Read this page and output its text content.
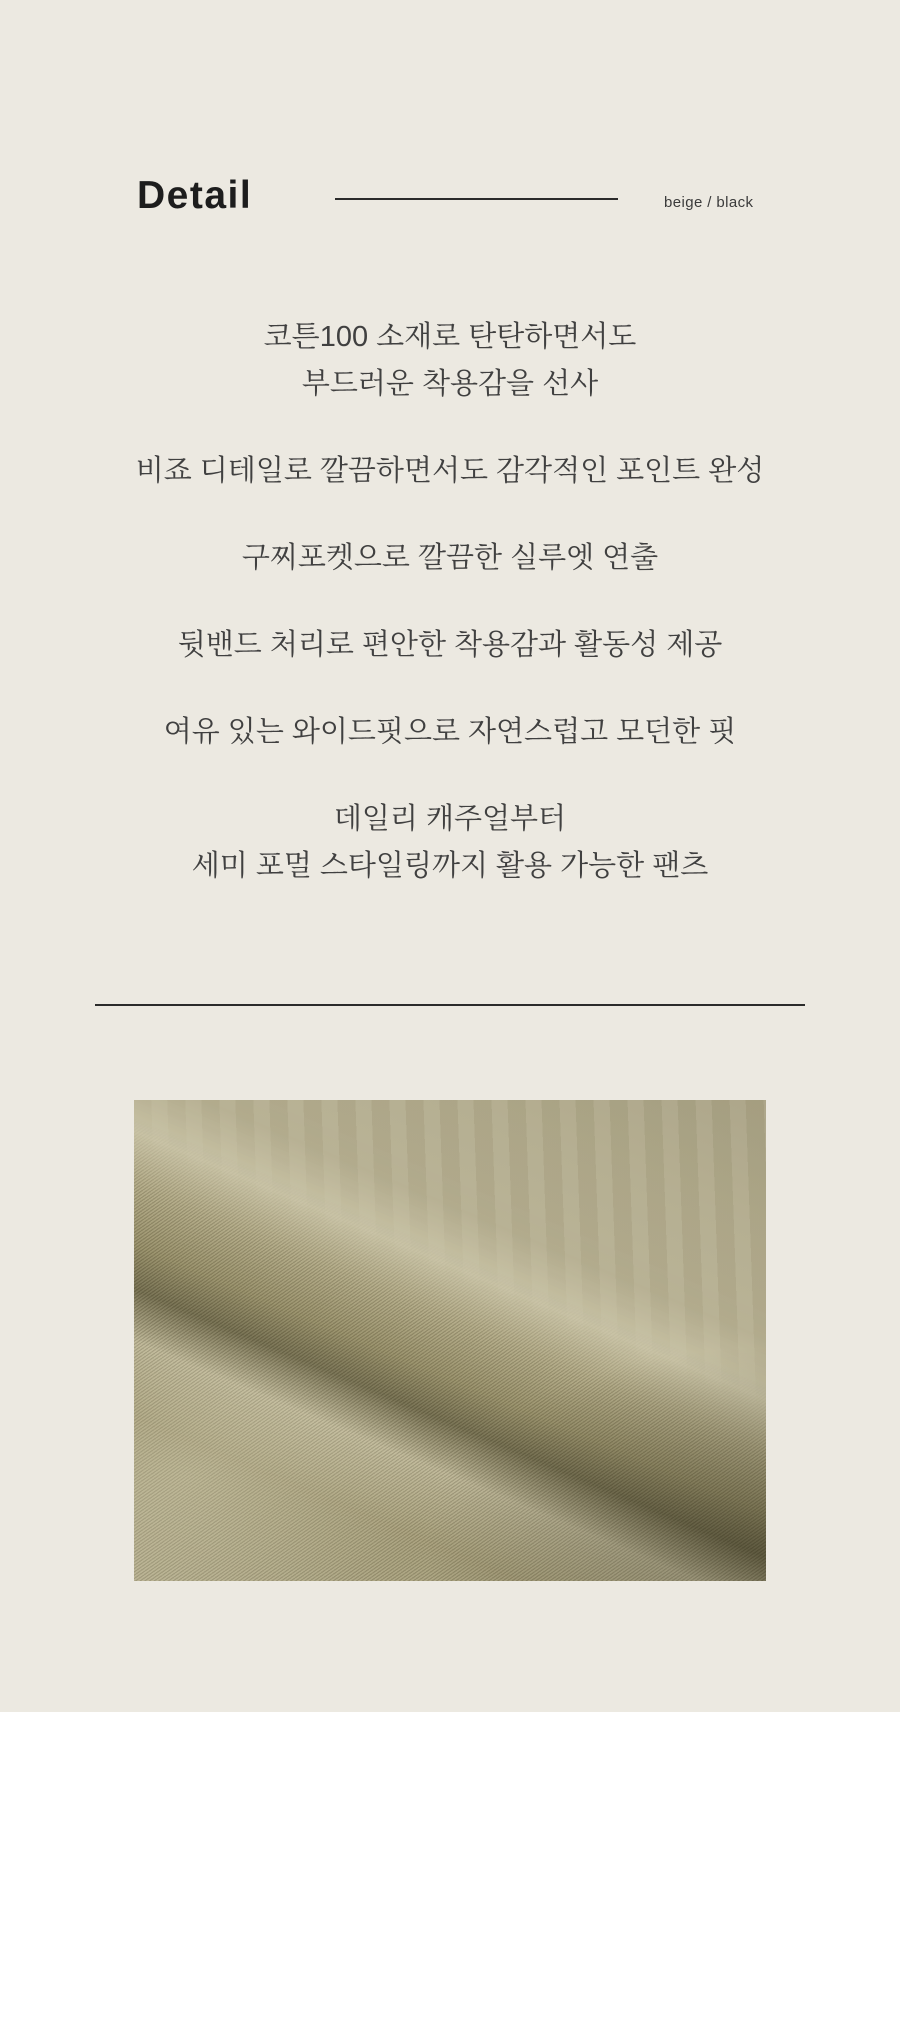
Detail	beige / black

코튼100 소재로 탄탄하면서도
부드러운 착용감을 선사

비죠 디테일로 깔끔하면서도 감각적인 포인트 완성

구찌포켓으로 깔끔한 실루엣 연출

뒷밴드 처리로 편안한 착용감과 활동성 제공

여유 있는 와이드핏으로 자연스럽고 모던한 핏

데일리 캐주얼부터
세미 포멀 스타일링까지 활용 가능한 팬츠
